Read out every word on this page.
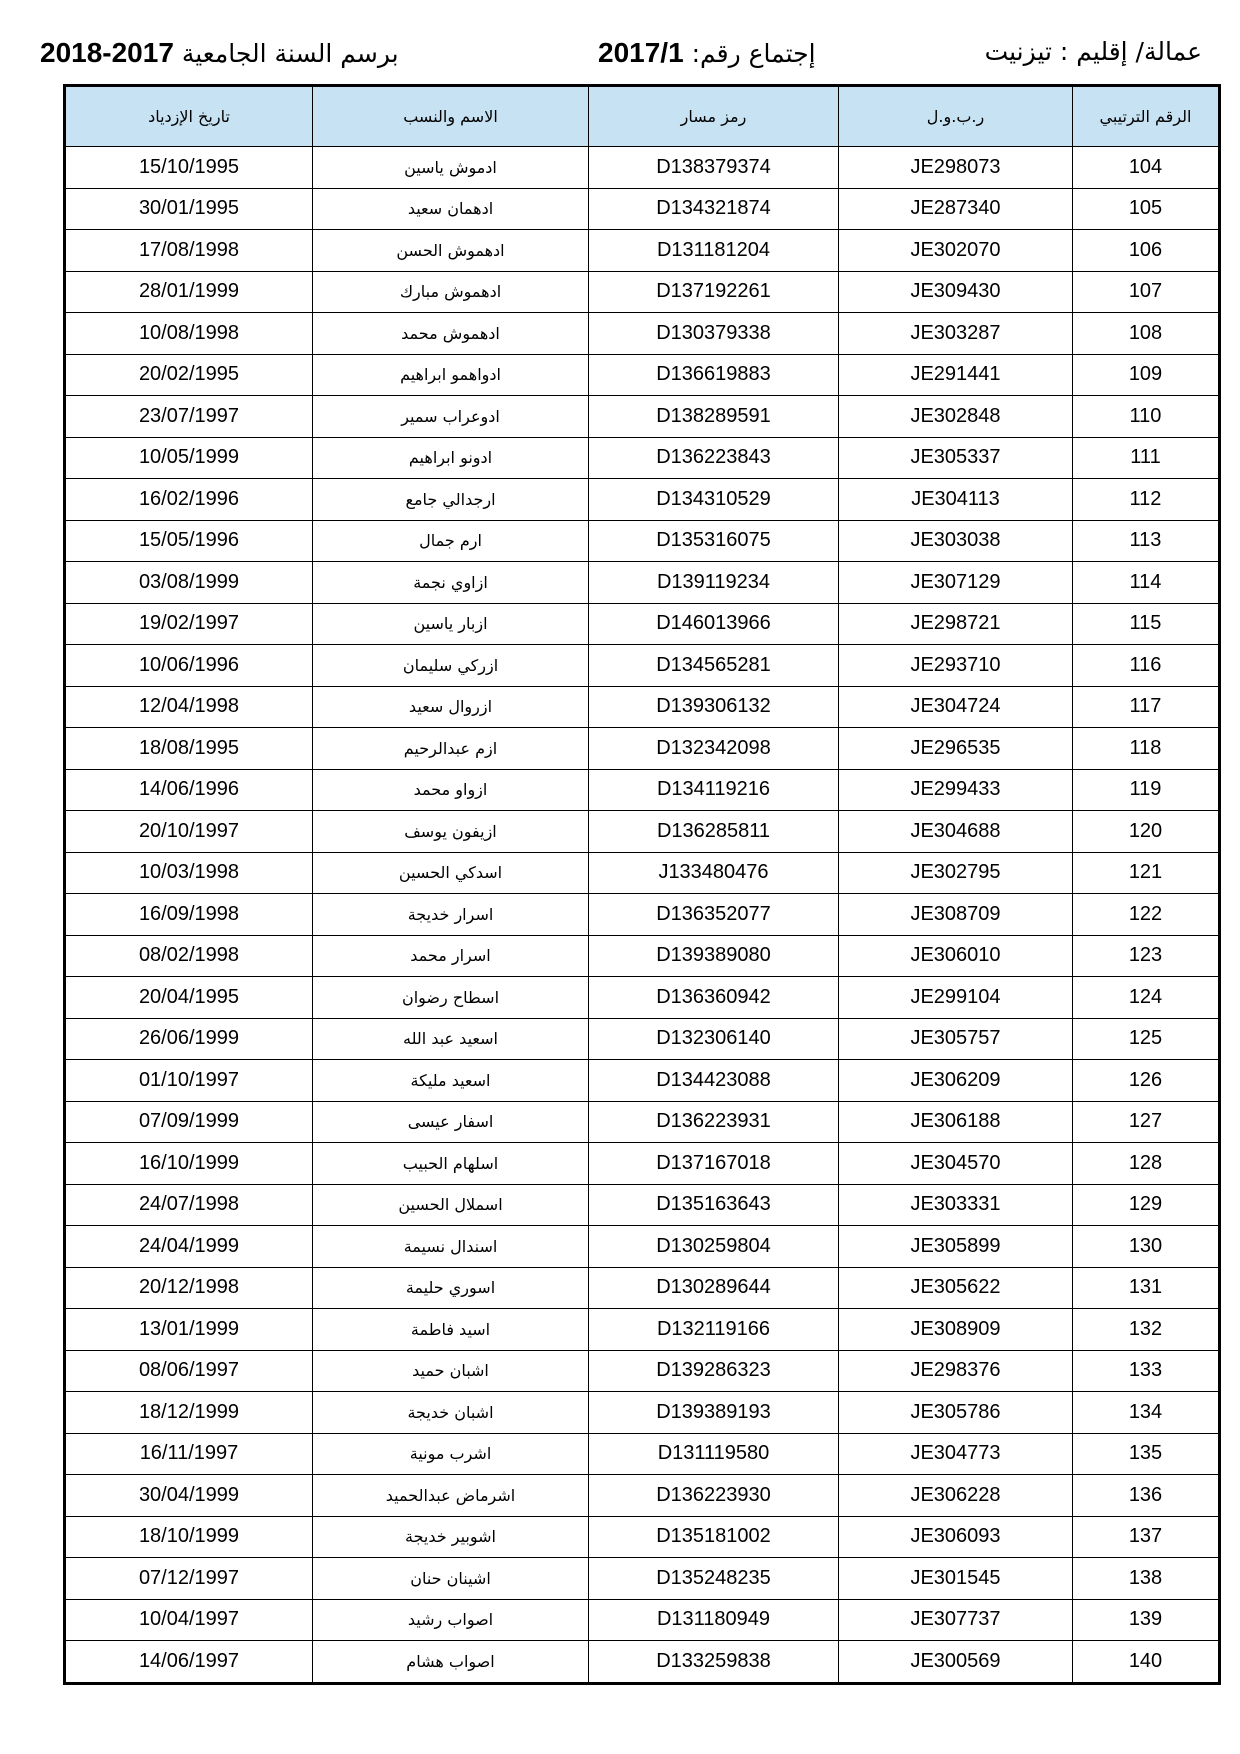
عمالة/ إقليم : تيزنيت
إجتماع رقم: 2017/1
برسم السنة الجامعية 2018-2017
تاريخ الإزدياد	الاسم والنسب	رمز مسار	ر.ب.و.ل	الرقم الترتيبي
15/10/1995	ادموش ياسين	D138379374	JE298073	104
30/01/1995	ادهمان سعيد	D134321874	JE287340	105
17/08/1998	ادهموش الحسن	D131181204	JE302070	106
28/01/1999	ادهموش مبارك	D137192261	JE309430	107
10/08/1998	ادهموش محمد	D130379338	JE303287	108
20/02/1995	ادواهمو ابراهيم	D136619883	JE291441	109
23/07/1997	ادوعراب سمير	D138289591	JE302848	110
10/05/1999	ادونو ابراهيم	D136223843	JE305337	111
16/02/1996	ارجدالي جامع	D134310529	JE304113	112
15/05/1996	ارم جمال	D135316075	JE303038	113
03/08/1999	ازاوي نجمة	D139119234	JE307129	114
19/02/1997	ازبار ياسين	D146013966	JE298721	115
10/06/1996	ازركي سليمان	D134565281	JE293710	116
12/04/1998	ازروال سعيد	D139306132	JE304724	117
18/08/1995	ازم عبدالرحيم	D132342098	JE296535	118
14/06/1996	ازواو محمد	D134119216	JE299433	119
20/10/1997	ازيفون يوسف	D136285811	JE304688	120
10/03/1998	اسدكي الحسين	J133480476	JE302795	121
16/09/1998	اسرار خديجة	D136352077	JE308709	122
08/02/1998	اسرار محمد	D139389080	JE306010	123
20/04/1995	اسطاح رضوان	D136360942	JE299104	124
26/06/1999	اسعيد عبد الله	D132306140	JE305757	125
01/10/1997	اسعيد مليكة	D134423088	JE306209	126
07/09/1999	اسفار عيسى	D136223931	JE306188	127
16/10/1999	اسلهام الحبيب	D137167018	JE304570	128
24/07/1998	اسملال الحسين	D135163643	JE303331	129
24/04/1999	اسندال نسيمة	D130259804	JE305899	130
20/12/1998	اسوري حليمة	D130289644	JE305622	131
13/01/1999	اسيد فاطمة	D132119166	JE308909	132
08/06/1997	اشبان حميد	D139286323	JE298376	133
18/12/1999	اشبان خديجة	D139389193	JE305786	134
16/11/1997	اشرب مونية	D131119580	JE304773	135
30/04/1999	اشرماض عبدالحميد	D136223930	JE306228	136
18/10/1999	اشوبير خديجة	D135181002	JE306093	137
07/12/1997	اشينان حنان	D135248235	JE301545	138
10/04/1997	اصواب رشيد	D131180949	JE307737	139
14/06/1997	اصواب هشام	D133259838	JE300569	140
